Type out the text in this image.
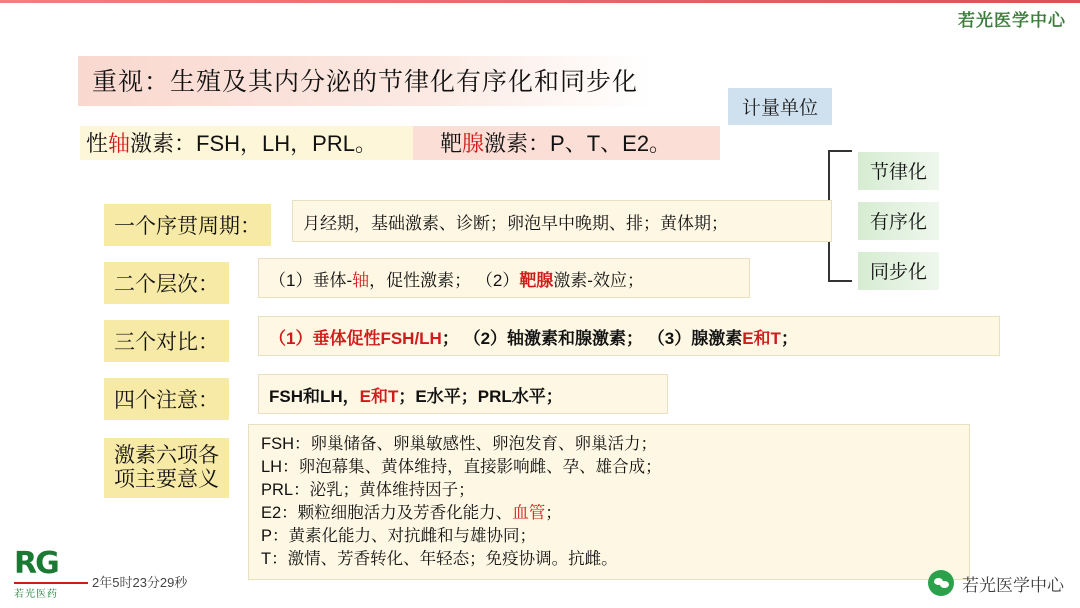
若光医学中心
重视：生殖及其内分泌的节律化有序化和同步化
计量单位
性轴激素：FSH，LH，PRL。	靶腺激素：P、T、E2。
节律化
有序化
同步化
一个序贯周期：	月经期，基础激素、诊断；卵泡早中晚期、排；黄体期；
二个层次：	（1）垂体- 轴 ，促性激素； （2） 靶腺 激素-效应；
三个对比：	（1）垂体促性FSH/LH ； （2）轴激素和腺激素； （3）腺激素 E和T ；
四个注意：	FSH和LH， E和T ；E水平；PRL水平；
激素六项各
项主要意义
FSH：卵巢储备、卵巢敏感性、卵泡发育、卵巢活力；
LH：卵泡幕集、黄体维持，直接影响雌、孕、雄合成；
PRL：泌乳；黄体维持因子；
E2：颗粒细胞活力及芳香化能力、血管；
P：黄素化能力、对抗雌和与雄协同；
T：激情、芳香转化、年轻态；免疫协调。抗雌。
RG
若光医药
2年5时23分29秒	若光医学中心
